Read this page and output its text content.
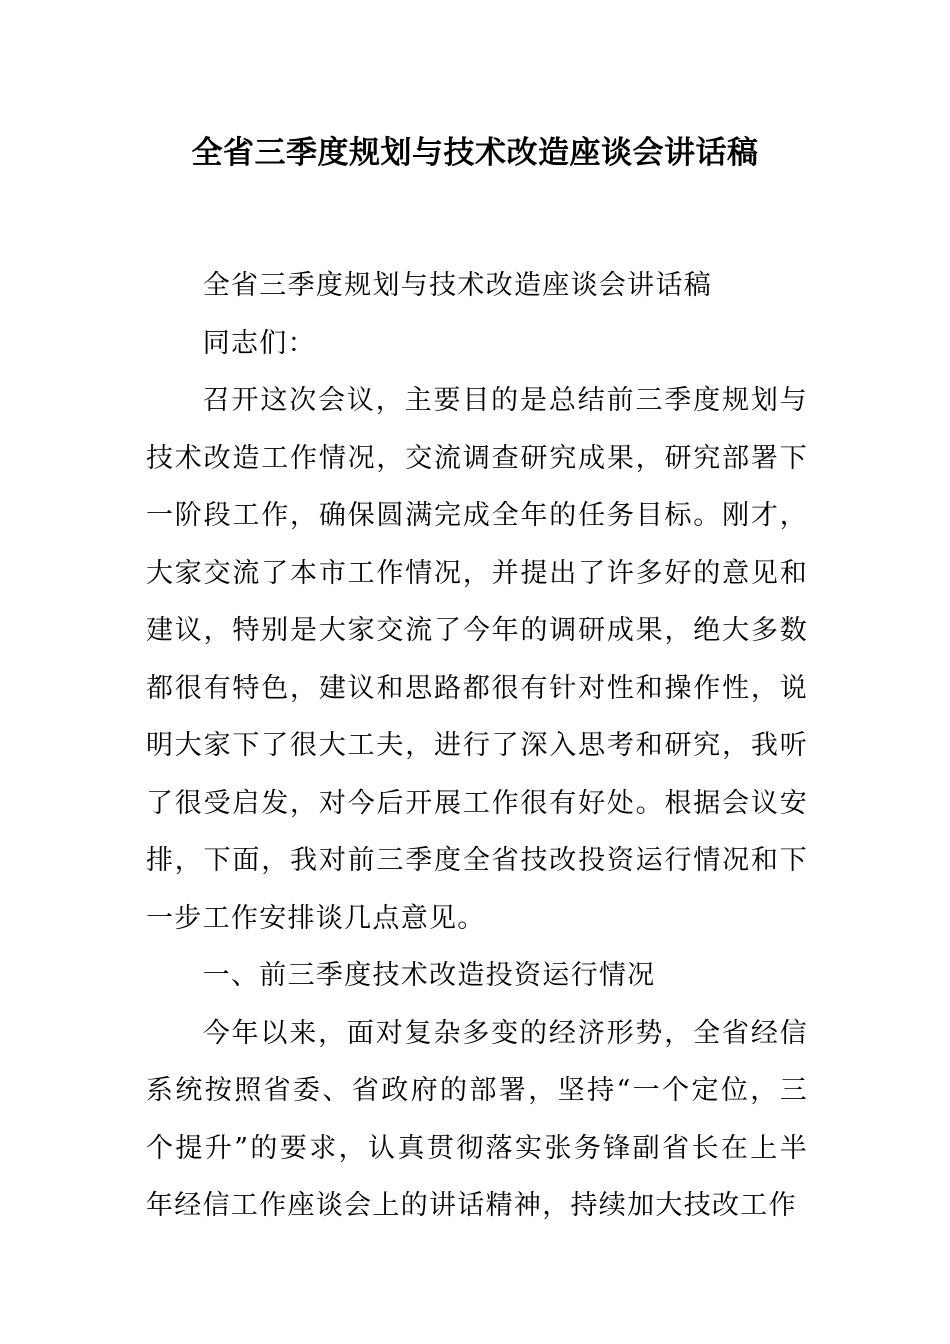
全省三季度规划与技术改造座谈会讲话稿

全省三季度规划与技术改造座谈会讲话稿

同志们：

召开这次会议，主要目的是总结前三季度规划与技术改造工作情况，交流调查研究成果，研究部署下一阶段工作，确保圆满完成全年的任务目标。刚才，大家交流了本市工作情况，并提出了许多好的意见和建议，特别是大家交流了今年的调研成果，绝大多数都很有特色，建议和思路都很有针对性和操作性，说明大家下了很大工夫，进行了深入思考和研究，我听了很受启发，对今后开展工作很有好处。根据会议安排，下面，我对前三季度全省技改投资运行情况和下一步工作安排谈几点意见。

一、前三季度技术改造投资运行情况

今年以来，面对复杂多变的经济形势，全省经信系统按照省委、省政府的部署，坚持“一个定位，三个提升”的要求，认真贯彻落实张务锋副省长在上半年经信工作座谈会上的讲话精神，持续加大技改工作
